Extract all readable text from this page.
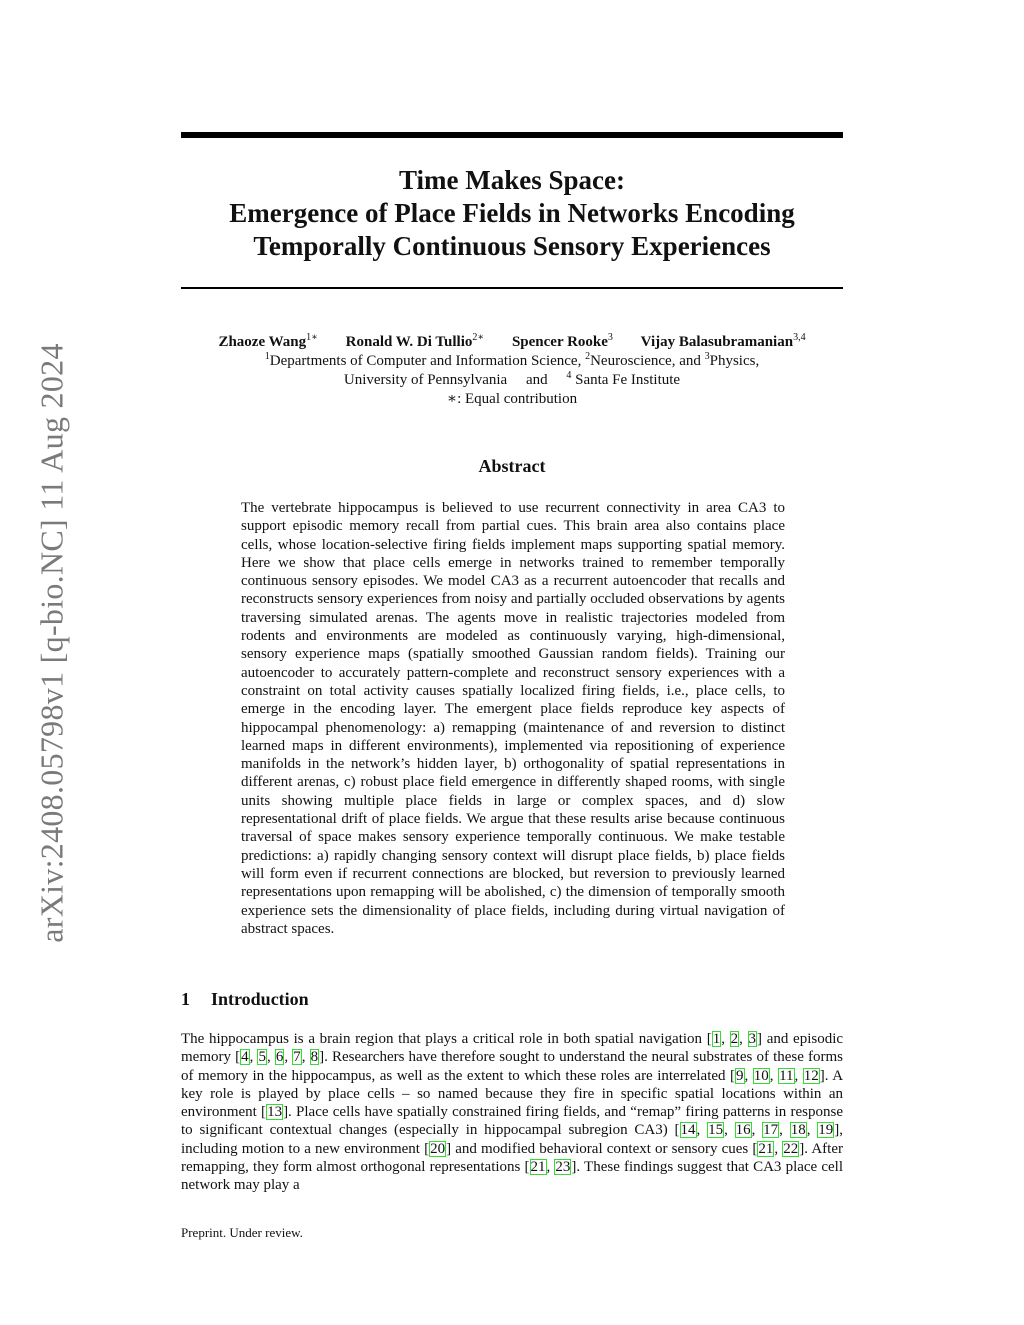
arXiv:2408.05798v1 [q-bio.NC] 11 Aug 2024
Time Makes Space:
Emergence of Place Fields in Networks Encoding
Temporally Continuous Sensory Experiences
Zhaoze Wang$^{1∗}$ Ronald W. Di Tullio$^{2∗}$ Spencer Rooke$^3$ Vijay Balasubramanian$^{3,4}$
$^1$Departments of Computer and Information Science, $^2$Neuroscience, and $^3$Physics,
University of Pennsylvania and $^4$ Santa Fe Institute
∗: Equal contribution
Abstract

The vertebrate hippocampus is believed to use recurrent connectivity in area CA3 to support episodic memory recall from partial cues. This brain area also contains place cells, whose location-selective firing fields implement maps supporting spatial memory. Here we show that place cells emerge in networks trained to remember temporally continuous sensory episodes. We model CA3 as a recurrent autoencoder that recalls and reconstructs sensory experiences from noisy and partially occluded observations by agents traversing simulated arenas. The agents move in realistic trajectories modeled from rodents and environments are modeled as continuously varying, high-dimensional, sensory experience maps (spatially smoothed Gaussian random fields). Training our autoencoder to accurately pattern-complete and reconstruct sensory experiences with a constraint on total activity causes spatially localized firing fields, i.e., place cells, to emerge in the encoding layer. The emergent place fields reproduce key aspects of hippocampal phenomenology: a) remapping (maintenance of and reversion to distinct learned maps in different environments), implemented via repositioning of experience manifolds in the network’s hidden layer, b) orthogonality of spatial representations in different arenas, c) robust place field emergence in differently shaped rooms, with single units showing multiple place fields in large or complex spaces, and d) slow representational drift of place fields. We argue that these results arise because continuous traversal of space makes sensory experience temporally continuous. We make testable predictions: a) rapidly changing sensory context will disrupt place fields, b) place fields will form even if recurrent connections are blocked, but reversion to previously learned representations upon remapping will be abolished, c) the dimension of temporally smooth experience sets the dimensionality of place fields, including during virtual navigation of abstract spaces.

1 Introduction

The hippocampus is a brain region that plays a critical role in both spatial navigation [1, 2, 3] and episodic memory [4, 5, 6, 7, 8]. Researchers have therefore sought to understand the neural substrates of these forms of memory in the hippocampus, as well as the extent to which these roles are interrelated [9, 10, 11, 12]. A key role is played by place cells – so named because they fire in specific spatial locations within an environment [13]. Place cells have spatially constrained firing fields, and “remap” firing patterns in response to significant contextual changes (especially in hippocampal subregion CA3) [14, 15, 16, 17, 18, 19], including motion to a new environment [20] and modified behavioral context or sensory cues [21, 22]. After remapping, they form almost orthogonal representations [21, 23]. These findings suggest that CA3 place cell network may play a

Preprint. Under review.
